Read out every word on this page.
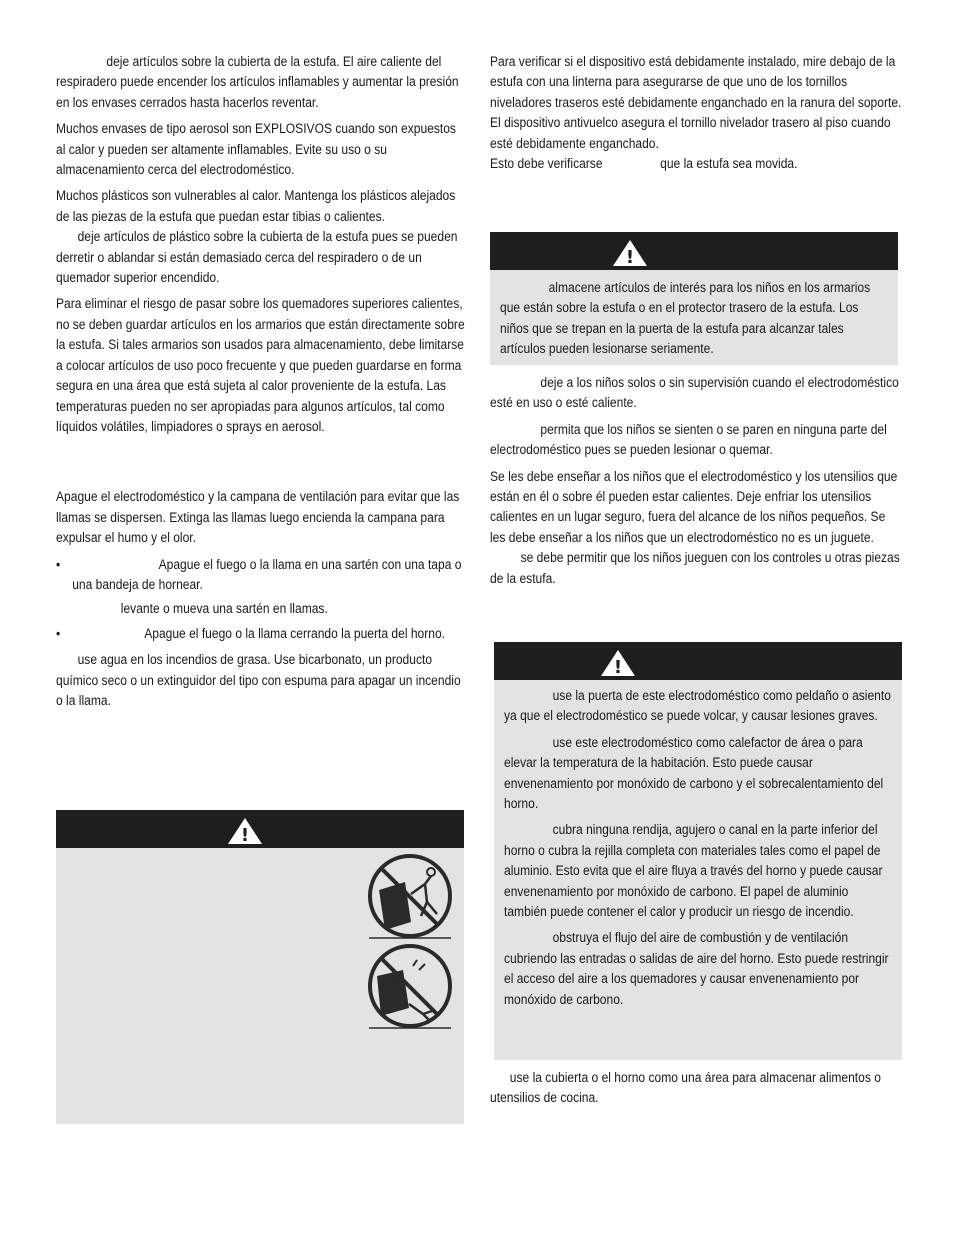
deje artículos sobre la cubierta de la estufa. El aire caliente del respiradero puede encender los artículos inflamables y aumentar la presión en los envases cerrados hasta hacerlos reventar.

Muchos envases de tipo aerosol son EXPLOSIVOS cuando son expuestos al calor y pueden ser altamente inflamables. Evite su uso o su almacenamiento cerca del electrodoméstico.

Muchos plásticos son vulnerables al calor. Mantenga los plásticos alejados de las piezas de la estufa que puedan estar tibias o calientes.

deje artículos de plástico sobre la cubierta de la estufa pues se pueden derretir o ablandar si están demasiado cerca del respiradero o de un quemador superior encendido.

Para eliminar el riesgo de pasar sobre los quemadores superiores calientes, no se deben guardar artículos en los armarios que están directamente sobre la estufa. Si tales armarios son usados para almacenamiento, debe limitarse a colocar artículos de uso poco frecuente y que pueden guardarse en forma segura en una área que está sujeta al calor proveniente de la estufa. Las temperaturas pueden no ser apropiadas para algunos artículos, tal como líquidos volátiles, limpiadores o sprays en aerosol.

Apague el electrodoméstico y la campana de ventilación para evitar que las llamas se dispersen. Extinga las llamas luego encienda la campana para expulsar el humo y el olor.

•	Apague el fuego o la llama en una sartén con una tapa o una bandeja de hornear.

levante o mueva una sartén en llamas.

•	Apague el fuego o la llama cerrando la puerta del horno.

use agua en los incendios de grasa. Use bicarbonato, un producto químico seco o un extinguidor del tipo con espuma para apagar un incendio o la llama.

!

Para verificar si el dispositivo está debidamente instalado, mire debajo de la estufa con una linterna para asegurarse de que uno de los tornillos niveladores traseros esté debidamente enganchado en la ranura del soporte. El dispositivo antivuelco asegura el tornillo nivelador trasero al piso cuando esté debidamente enganchado.

Esto debe verificarse	que la estufa sea movida.

!

almacene artículos de interés para los niños en los armarios que están sobre la estufa o en el protector trasero de la estufa. Los niños que se trepan en la puerta de la estufa para alcanzar tales artículos pueden lesionarse seriamente.

deje a los niños solos o sin supervisión cuando el electrodoméstico esté en uso o esté caliente.

permita que los niños se sienten o se paren en ninguna parte del electrodoméstico pues se pueden lesionar o quemar.

Se les debe enseñar a los niños que el electrodoméstico y los utensilios que están en él o sobre él pueden estar calientes. Deje enfriar los utensilios calientes en un lugar seguro, fuera del alcance de los niños pequeños. Se les debe enseñar a los niños que un electrodoméstico no es un juguete.se debe permitir que los niños jueguen con los controles u otras piezas de la estufa.

!

use la puerta de este electrodoméstico como peldaño o asiento ya que el electrodoméstico se puede volcar, y causar lesiones graves.

use este electrodoméstico como calefactor de área o para elevar la temperatura de la habitación. Esto puede causar envenenamiento por monóxido de carbono y el sobrecalentamiento del horno.

cubra ninguna rendija, agujero o canal en la parte inferior del horno o cubra la rejilla completa con materiales tales como el papel de aluminio. Esto evita que el aire fluya a través del horno y puede causar envenenamiento por monóxido de carbono. El papel de aluminio también puede contener el calor y producir un riesgo de incendio.

obstruya el flujo del aire de combustión y de ventilación cubriendo las entradas o salidas de aire del horno. Esto puede restringir el acceso del aire a los quemadores y causar envenenamiento por monóxido de carbono.

use la cubierta o el horno como una área para almacenar alimentos o utensilios de cocina.
